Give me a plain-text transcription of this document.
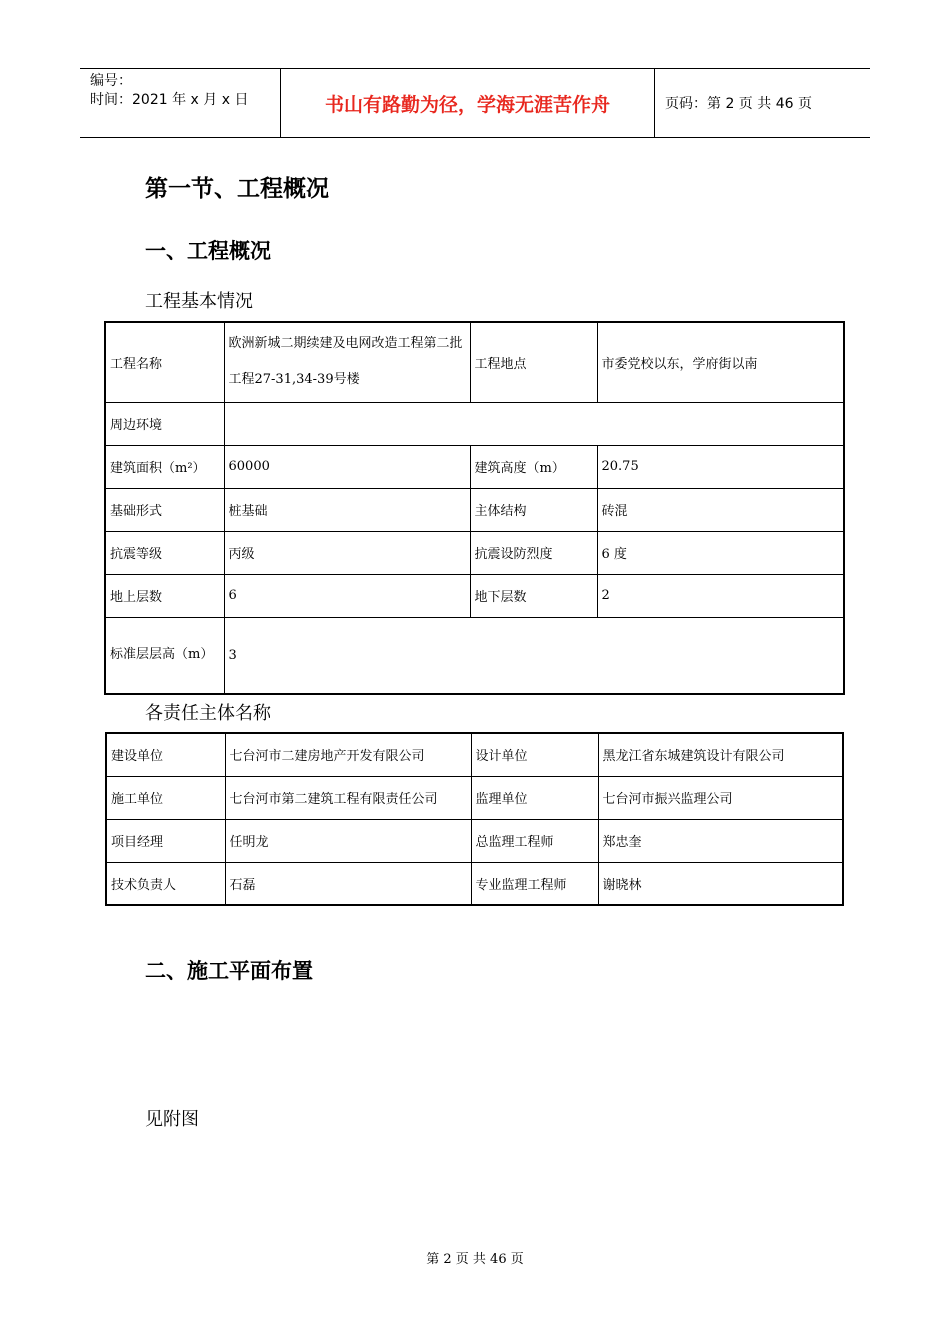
编号：
时间：2021 年 x 月 x 日	书山有路勤为径，学海无涯苦作舟	页码：第 2 页 共 46 页
第一节、工程概况
一、工程概况
工程基本情况
工程名称	欧洲新城二期续建及电网改造工程第二批工程27-31,34-39号楼	工程地点	市委党校以东，学府街以南
周边环境			
建筑面积（m²）	60000	建筑高度（m）	20.75
基础形式	桩基础	主体结构	砖混
抗震等级	丙级	抗震设防烈度	6 度
地上层数	6	地下层数	2
标准层层高（m）	3		
各责任主体名称
建设单位	七台河市二建房地产开发有限公司	设计单位	黑龙江省东城建筑设计有限公司
施工单位	七台河市第二建筑工程有限责任公司	监理单位	七台河市振兴监理公司
项目经理	任明龙	总监理工程师	郑忠奎
技术负责人	石磊	专业监理工程师	谢晓林
二、施工平面布置
见附图
第 2 页 共 46 页
